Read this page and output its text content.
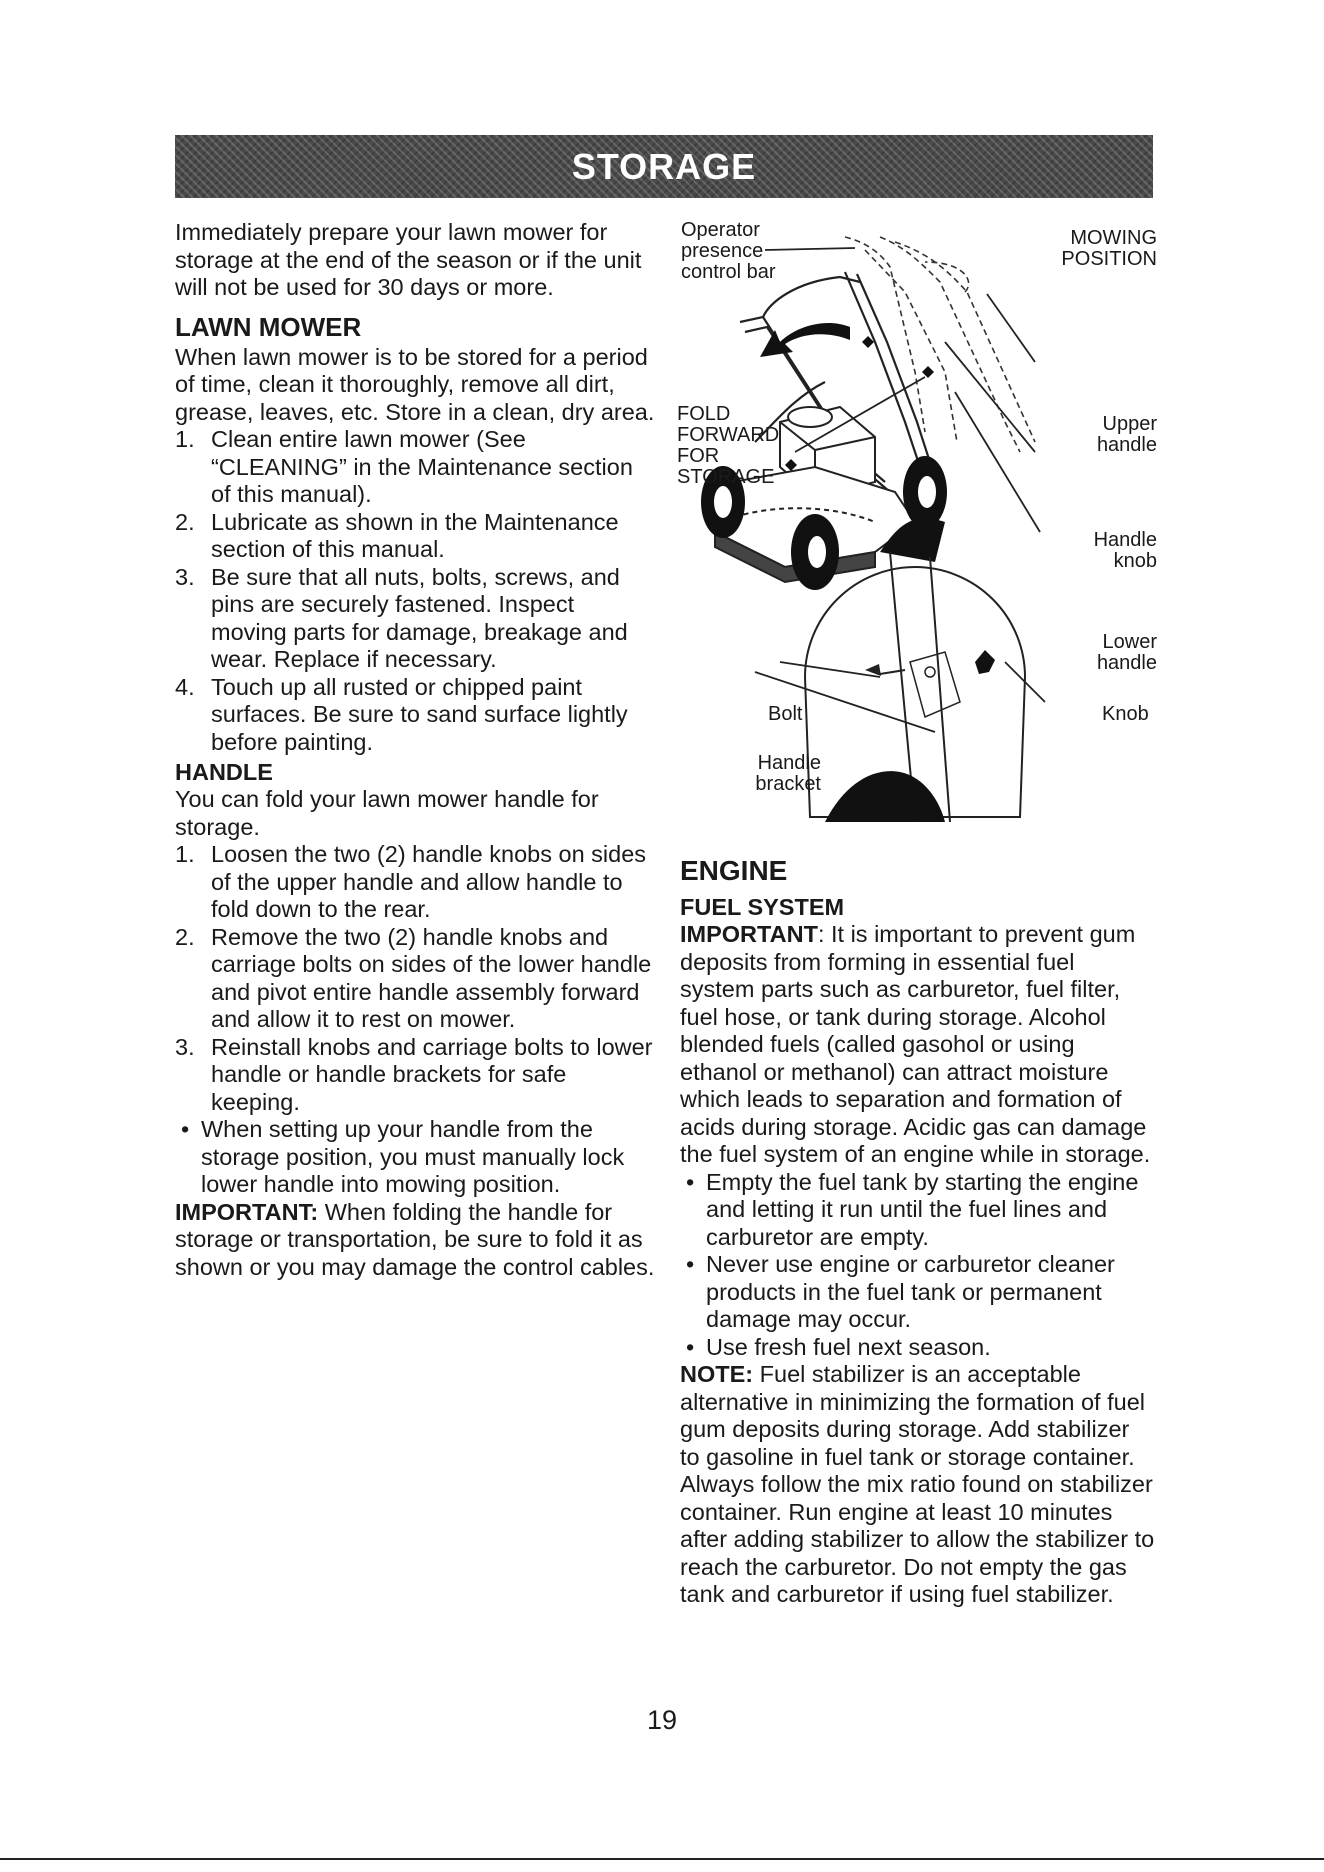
STORAGE

Immediately prepare your lawn mower for storage at the end of the season or if the unit will not be used for 30 days or more.

LAWN MOWER

When lawn mower is to be stored for a period of time, clean it thoroughly, remove all dirt, grease, leaves, etc. Store in a clean, dry area.

1. Clean entire lawn mower (See “CLEANING” in the Maintenance section of this manual).
2. Lubricate as shown in the Maintenance section of this manual.
3. Be sure that all nuts, bolts, screws, and pins are securely fastened. Inspect moving parts for damage, breakage and wear. Replace if necessary.
4. Touch up all rusted or chipped paint surfaces. Be sure to sand surface lightly before painting.
HANDLE

You can fold your lawn mower handle for storage.

1. Loosen the two (2) handle knobs on sides of the upper handle and allow handle to fold down to the rear.
2. Remove the two (2) handle knobs and carriage bolts on sides of the lower handle and pivot entire handle assembly forward and allow it to rest on mower.
3. Reinstall knobs and carriage bolts to lower handle or handle brackets for safe keeping.
• When setting up your handle from the storage position, you must manually lock lower handle into mowing position.

IMPORTANT: When folding the handle for storage or transportation, be sure to fold it as shown or you may damage the control cables.

Operator
presence
control bar
MOWING
POSITION
FOLD
FORWARD
FOR
STORAGE
Upper
handle
Handle
knob
Lower
handle
Bolt	Knob
Handle
bracket
ENGINE
FUEL SYSTEM

IMPORTANT: It is important to prevent gum deposits from forming in essential fuel system parts such as carburetor, fuel filter, fuel hose, or tank during storage. Alcohol blended fuels (called gasohol or using ethanol or methanol) can attract moisture which leads to separation and formation of acids during storage. Acidic gas can damage the fuel system of an engine while in storage.

• Empty the fuel tank by starting the engine and letting it run until the fuel lines and carburetor are empty.
• Never use engine or carburetor cleaner products in the fuel tank or permanent damage may occur.
• Use fresh fuel next season.

NOTE: Fuel stabilizer is an acceptable alternative in minimizing the formation of fuel gum deposits during storage. Add stabilizer to gasoline in fuel tank or storage container. Always follow the mix ratio found on stabilizer container. Run engine at least 10 minutes after adding stabilizer to allow the stabilizer to reach the carburetor. Do not empty the gas tank and carburetor if using fuel stabilizer.

19
